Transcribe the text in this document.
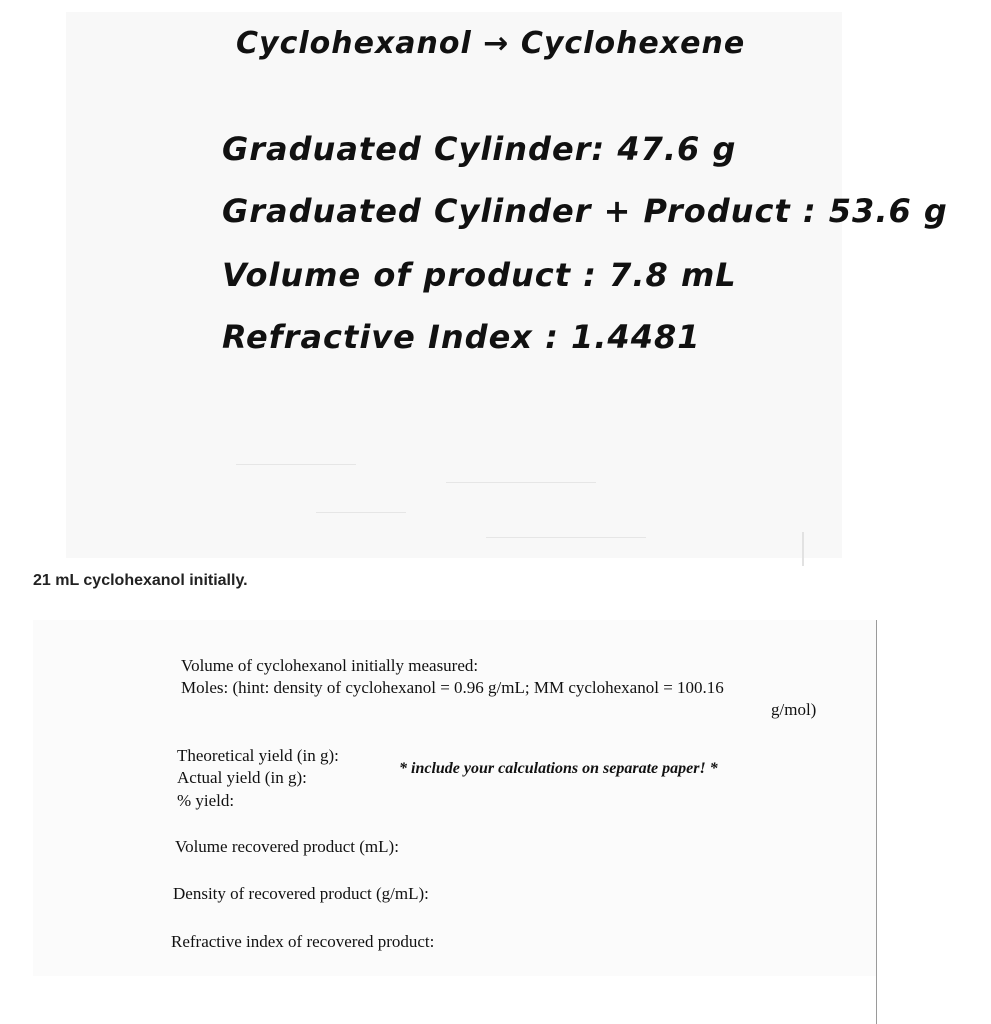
Cyclohexanol → Cyclohexene
Graduated Cylinder: 47.6 g
Graduated Cylinder + Product : 53.6 g
Volume of product : 7.8 mL
Refractive Index : 1.4481
21 mL cyclohexanol initially.
Volume of cyclohexanol initially measured:
Moles: (hint: density of cyclohexanol = 0.96 g/mL; MM cyclohexanol = 100.16
g/mol)
Theoretical yield (in g):
Actual yield (in g):
% yield:
* include your calculations on separate paper! *
Volume recovered product (mL):
Density of recovered product (g/mL):
Refractive index of recovered product:
